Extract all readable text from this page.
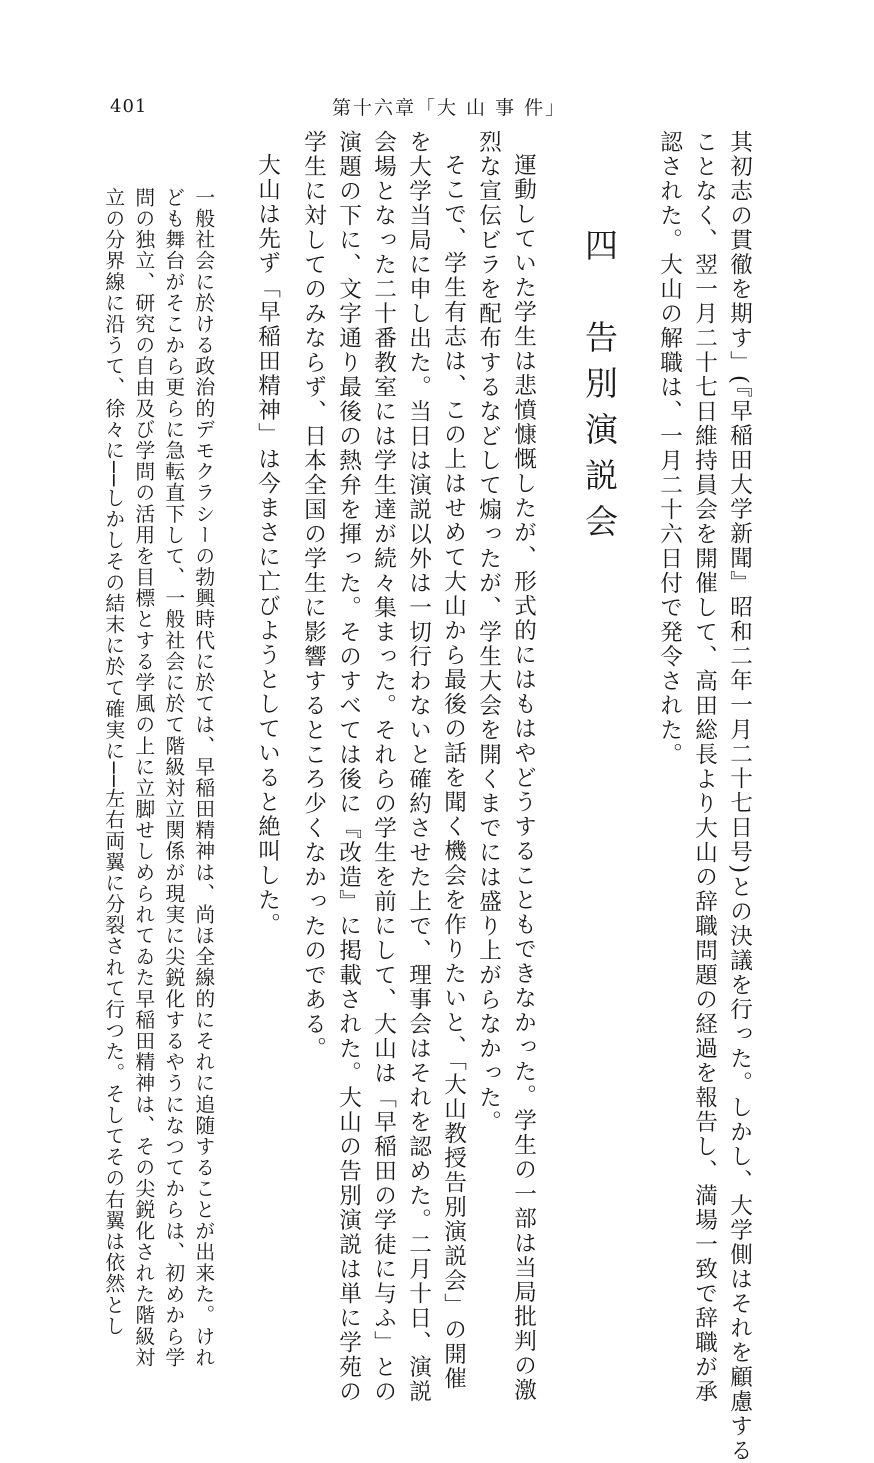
401	第十六章「大 山 事 件」
其初志の貫徹を期す」(『早稲田大学新聞』昭和二年一月二十七日号)との決議を行った。しかし、大学側はそれを顧慮する
ことなく、翌一月二十七日維持員会を開催して、高田総長より大山の辞職問題の経過を報告し、満場一致で辞職が承
認された。大山の解職は、一月二十六日付で発令された。
四　告別演説会
運動していた学生は悲憤慷慨したが、形式的にはもはやどうすることもできなかった。学生の一部は当局批判の激
烈な宣伝ビラを配布するなどして煽ったが、学生大会を開くまでには盛り上がらなかった。
そこで、学生有志は、この上はせめて大山から最後の話を聞く機会を作りたいと、「大山教授告別演説会」の開催
を大学当局に申し出た。当日は演説以外は一切行わないと確約させた上で、理事会はそれを認めた。二月十日、演説
会場となった二十番教室には学生達が続々集まった。それらの学生を前にして、大山は「早稲田の学徒に与ふ」との
演題の下に、文字通り最後の熱弁を揮った。そのすべては後に『改造』に掲載された。大山の告別演説は単に学苑の
学生に対してのみならず、日本全国の学生に影響するところ少くなかったのである。
大山は先ず「早稲田精神」は今まさに亡びようとしていると絶叫した。
一般社会に於ける政治的デモクラシーの勃興時代に於ては、早稲田精神は、尚ほ全線的にそれに追随することが出来た。けれ
ども舞台がそこから更らに急転直下して、一般社会に於て階級対立関係が現実に尖鋭化するやうになつてからは、初めから学
問の独立、研究の自由及び学問の活用を目標とする学風の上に立脚せしめられてゐた早稲田精神は、その尖鋭化された階級対
立の分界線に沿うて、徐々に──しかしその結末に於て確実に──左右両翼に分裂されて行つた。そしてその右翼は依然とし
